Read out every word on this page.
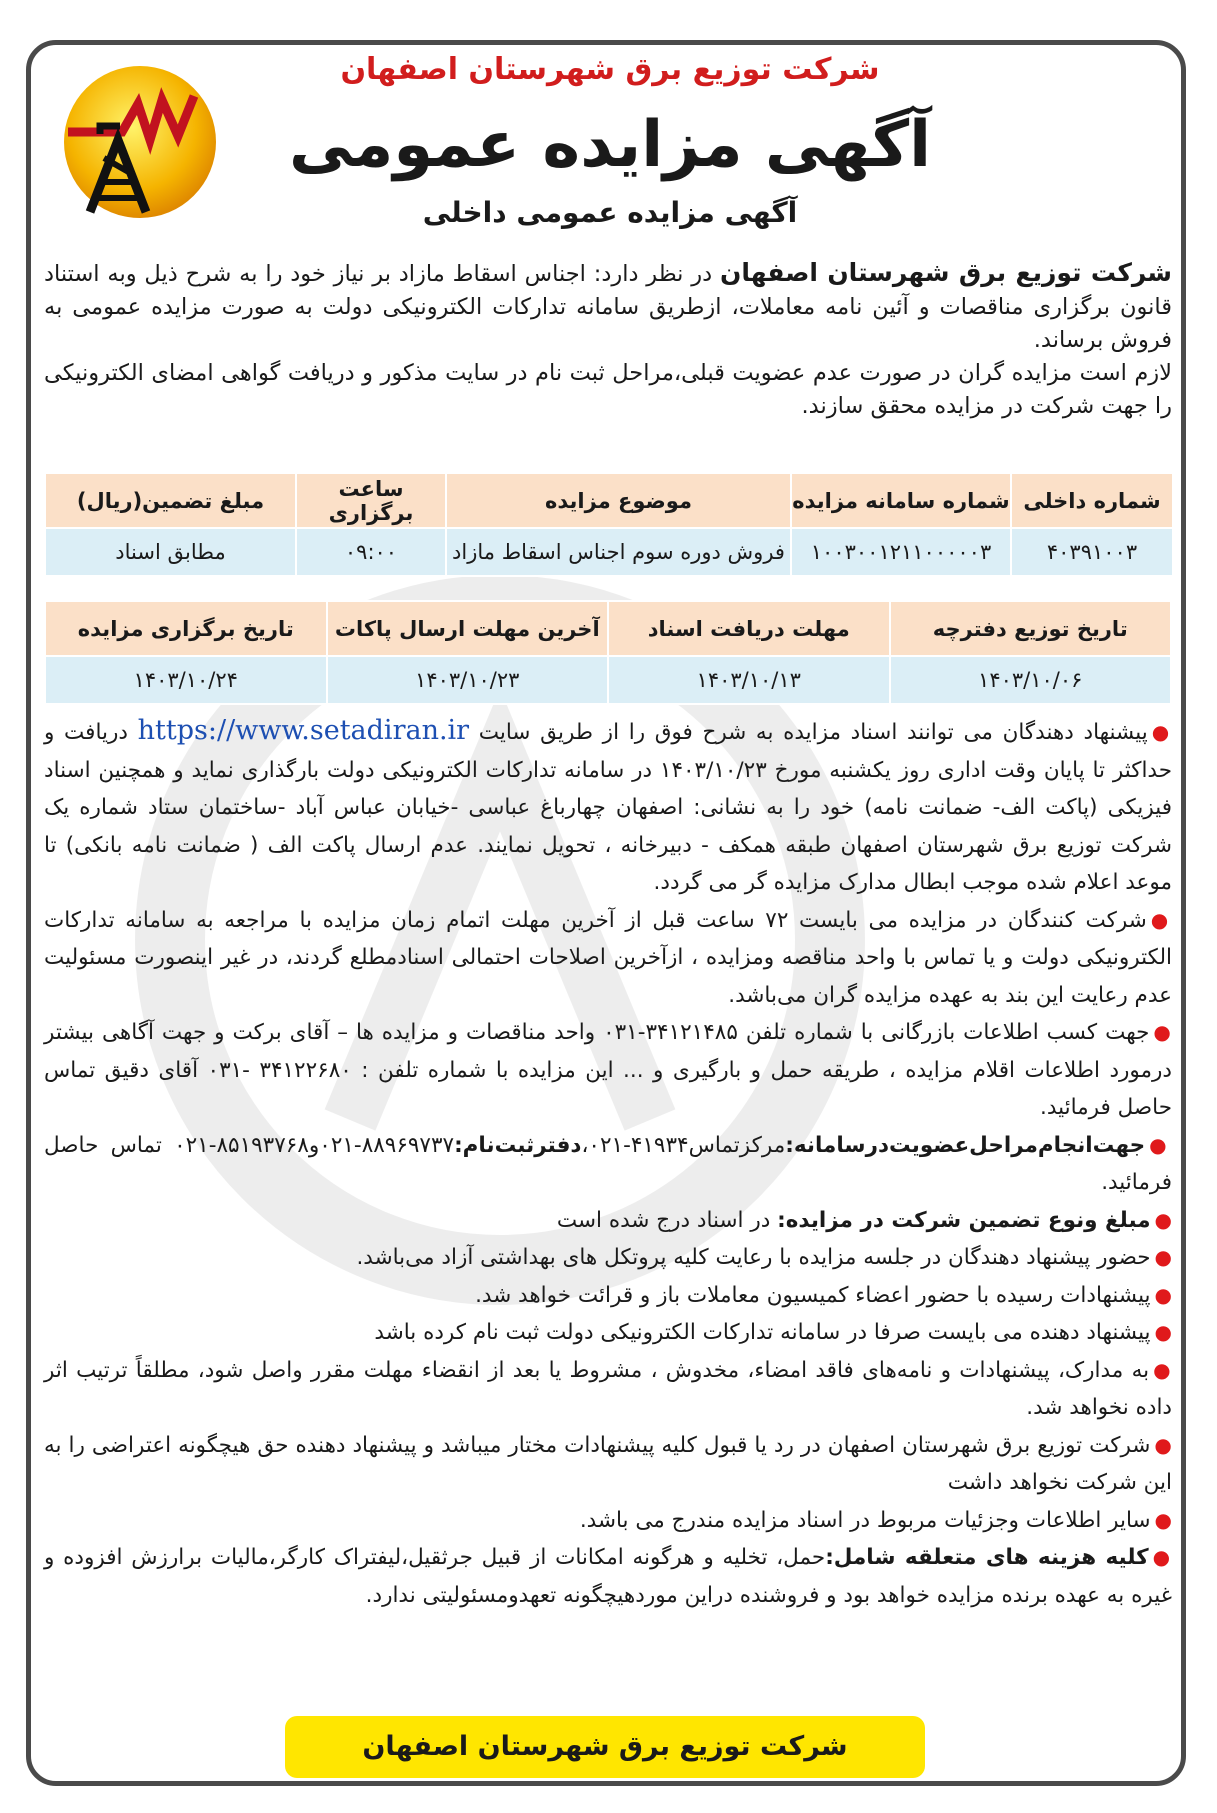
شرکت توزیع برق شهرستان اصفهان
آگهی مزایده عمومی
آگهی مزایده عمومی داخلی
شرکت توزیع برق شهرستان اصفهان در نظر دارد: اجناس اسقاط مازاد بر نیاز خود را به شرح ذیل وبه استناد قانون برگزاری مناقصات و آئین نامه معاملات، ازطریق سامانه تدارکات الکترونیکی دولت به صورت مزایده عمومی به فروش برساند.
لازم است مزایده گران در صورت عدم عضویت قبلی،مراحل ثبت نام در سایت مذکور و دریافت گواهی امضای الکترونیکی را جهت شرکت در مزایده محقق سازند.
شماره داخلی	شماره سامانه مزایده	موضوع مزایده	ساعت برگزاری	مبلغ تضمین(ریال)
۴۰۳۹۱۰۰۳	۱۰۰۳۰۰۱۲۱۱۰۰۰۰۰۳	فروش دوره سوم اجناس اسقاط مازاد	۰۹:۰۰	مطابق اسناد
تاریخ توزیع دفترچه	مهلت دریافت اسناد	آخرین مهلت ارسال پاکات	تاریخ برگزاری مزایده
۱۴۰۳/۱۰/۰۶	۱۴۰۳/۱۰/۱۳	۱۴۰۳/۱۰/۲۳	۱۴۰۳/۱۰/۲۴

●پیشنهاد دهندگان می توانند اسناد مزایده به شرح فوق را از طریق سایت https://www.setadiran.ir دریافت و حداکثر تا پایان وقت اداری روز یکشنبه مورخ ۱۴۰۳/۱۰/۲۳ در سامانه تدارکات الکترونیکی دولت بارگذاری نماید و همچنین اسناد فیزیکی (پاکت الف- ضمانت نامه) خود را به نشانی: اصفهان چهارباغ عباسی -خیابان عباس آباد -ساختمان ستاد شماره یک شرکت توزیع برق شهرستان اصفهان طبقه همکف - دبیرخانه ، تحویل نمایند. عدم ارسال پاکت الف ( ضمانت نامه بانکی) تا موعد اعلام شده موجب ابطال مدارک مزایده گر می گردد.

●شرکت کنندگان در مزایده می بایست ۷۲ ساعت قبل از آخرین مهلت اتمام زمان مزایده با مراجعه به سامانه تدارکات الکترونیکی دولت و یا تماس با واحد مناقصه ومزایده ، ازآخرین اصلاحات احتمالی اسنادمطلع گردند، در غیر اینصورت مسئولیت عدم رعایت این بند به عهده مزایده گران می‌باشد.

●جهت کسب اطلاعات بازرگانی با شماره تلفن ۳۴۱۲۱۴۸۵-۰۳۱ واحد مناقصات و مزایده ها – آقای برکت و جهت آگاهی بیشتر درمورد اطلاعات اقلام مزایده ، طریقه حمل و بارگیری و ... این مزایده با شماره تلفن : ۳۴۱۲۲۶۸۰ -۰۳۱ آقای دقیق تماس حاصل فرمائید.

●جهت‌انجام‌مراحل‌عضویت‌در‌سامانه:مرکز‌تماس۴۱۹۳۴-۰۲۱،دفتر‌ثبت‌نام:۸۸۹۶۹۷۳۷-۰۲۱و۸۵۱۹۳۷۶۸-۰۲۱ تماس حاصل فرمائید.

●مبلغ ونوع تضمین شرکت در مزایده: در اسناد درج شده است

●حضور پیشنهاد دهندگان در جلسه مزایده با رعایت کلیه پروتکل های بهداشتی آزاد می‌باشد.

●پیشنهادات رسیده با حضور اعضاء کمیسیون معاملات باز و قرائت خواهد شد.

●پیشنهاد دهنده می بایست صرفا در سامانه تدارکات الکترونیکی دولت ثبت نام کرده باشد

●به مدارک، پیشنهادات و نامه‌های فاقد امضاء، مخدوش ، مشروط یا بعد از انقضاء مهلت مقرر واصل شود، مطلقاً ترتیب اثر داده نخواهد شد.

●شرکت توزیع برق شهرستان اصفهان در رد یا قبول کلیه پیشنهادات مختار میباشد و پیشنهاد دهنده حق هیچگونه اعتراضی را به این شرکت نخواهد داشت

●سایر اطلاعات وجزئیات مربوط در اسناد مزایده مندرج می باشد.

●کلیه هزینه های متعلقه شامل:حمل، تخلیه و هرگونه امکانات از قبیل جرثقیل،لیفتراک کارگر،مالیات برارزش افزوده و غیره به عهده برنده مزایده خواهد بود و فروشنده دراین موردهیچگونه تعهدومسئولیتی ندارد.

شرکت توزیع برق شهرستان اصفهان
